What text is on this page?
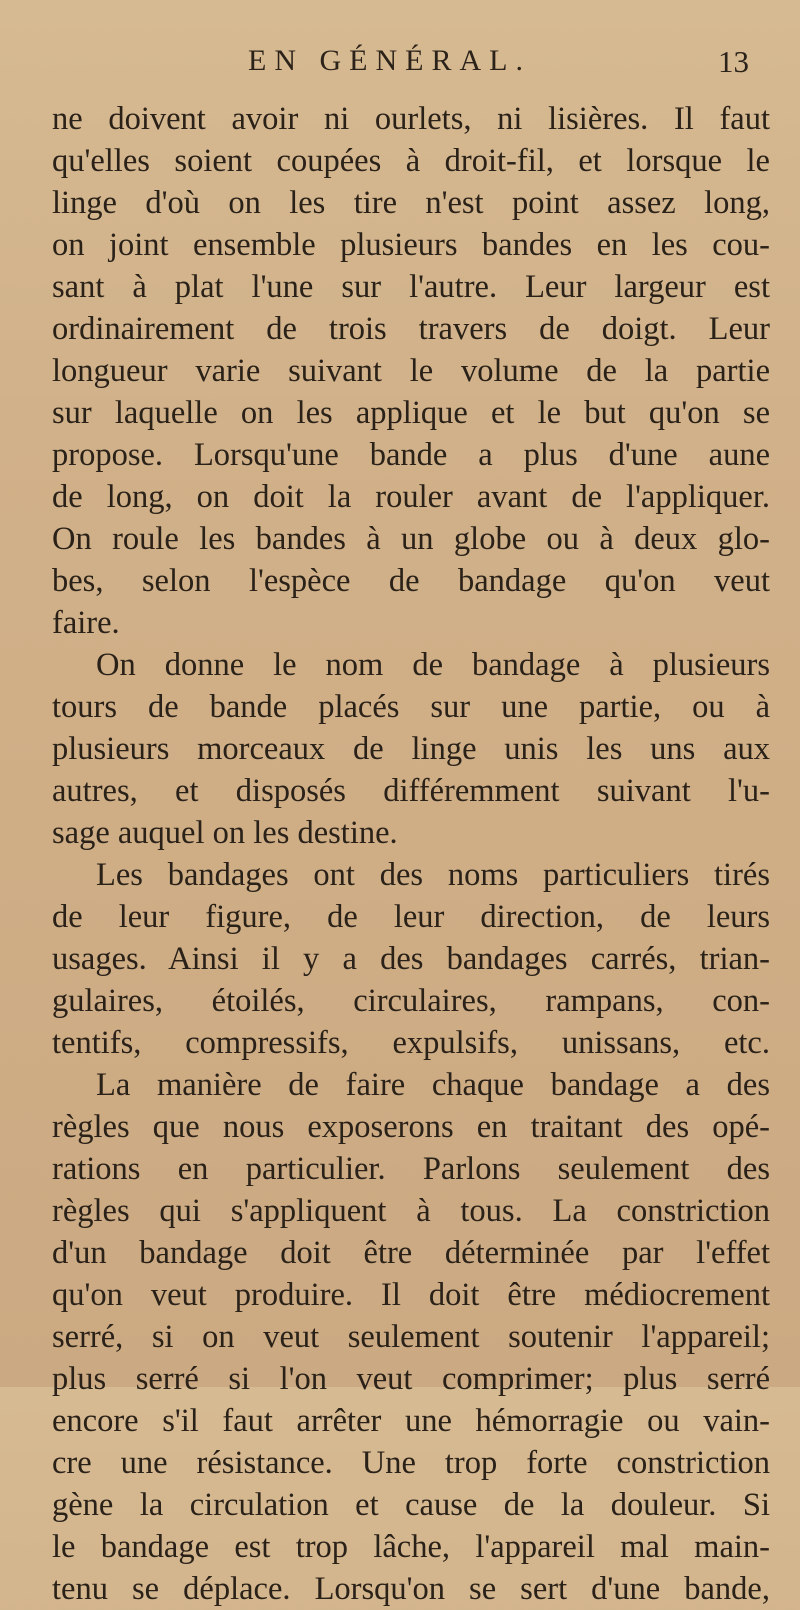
EN GÉNÉRAL.	13
ne doivent avoir ni ourlets, ni lisières. Il faut
qu'elles soient coupées à droit-fil, et lorsque le
linge d'où on les tire n'est point assez long,
on joint ensemble plusieurs bandes en les cou-
sant à plat l'une sur l'autre. Leur largeur est
ordinairement de trois travers de doigt. Leur
longueur varie suivant le volume de la partie
sur laquelle on les applique et le but qu'on se
propose. Lorsqu'une bande a plus d'une aune
de long, on doit la rouler avant de l'appliquer.
On roule les bandes à un globe ou à deux glo-
bes, selon l'espèce de bandage qu'on veut
faire.
On donne le nom de bandage à plusieurs
tours de bande placés sur une partie, ou à
plusieurs morceaux de linge unis les uns aux
autres, et disposés différemment suivant l'u-
sage auquel on les destine.
Les bandages ont des noms particuliers tirés
de leur figure, de leur direction, de leurs
usages. Ainsi il y a des bandages carrés, trian-
gulaires, étoilés, circulaires, rampans, con-
tentifs, compressifs, expulsifs, unissans, etc.
La manière de faire chaque bandage a des
règles que nous exposerons en traitant des opé-
rations en particulier. Parlons seulement des
règles qui s'appliquent à tous. La constriction
d'un bandage doit être déterminée par l'effet
qu'on veut produire. Il doit être médiocrement
serré, si on veut seulement soutenir l'appareil;
plus serré si l'on veut comprimer; plus serré
encore s'il faut arrêter une hémorragie ou vain-
cre une résistance. Une trop forte constriction
gène la circulation et cause de la douleur. Si
le bandage est trop lâche, l'appareil mal main-
tenu se déplace. Lorsqu'on se sert d'une bande,
